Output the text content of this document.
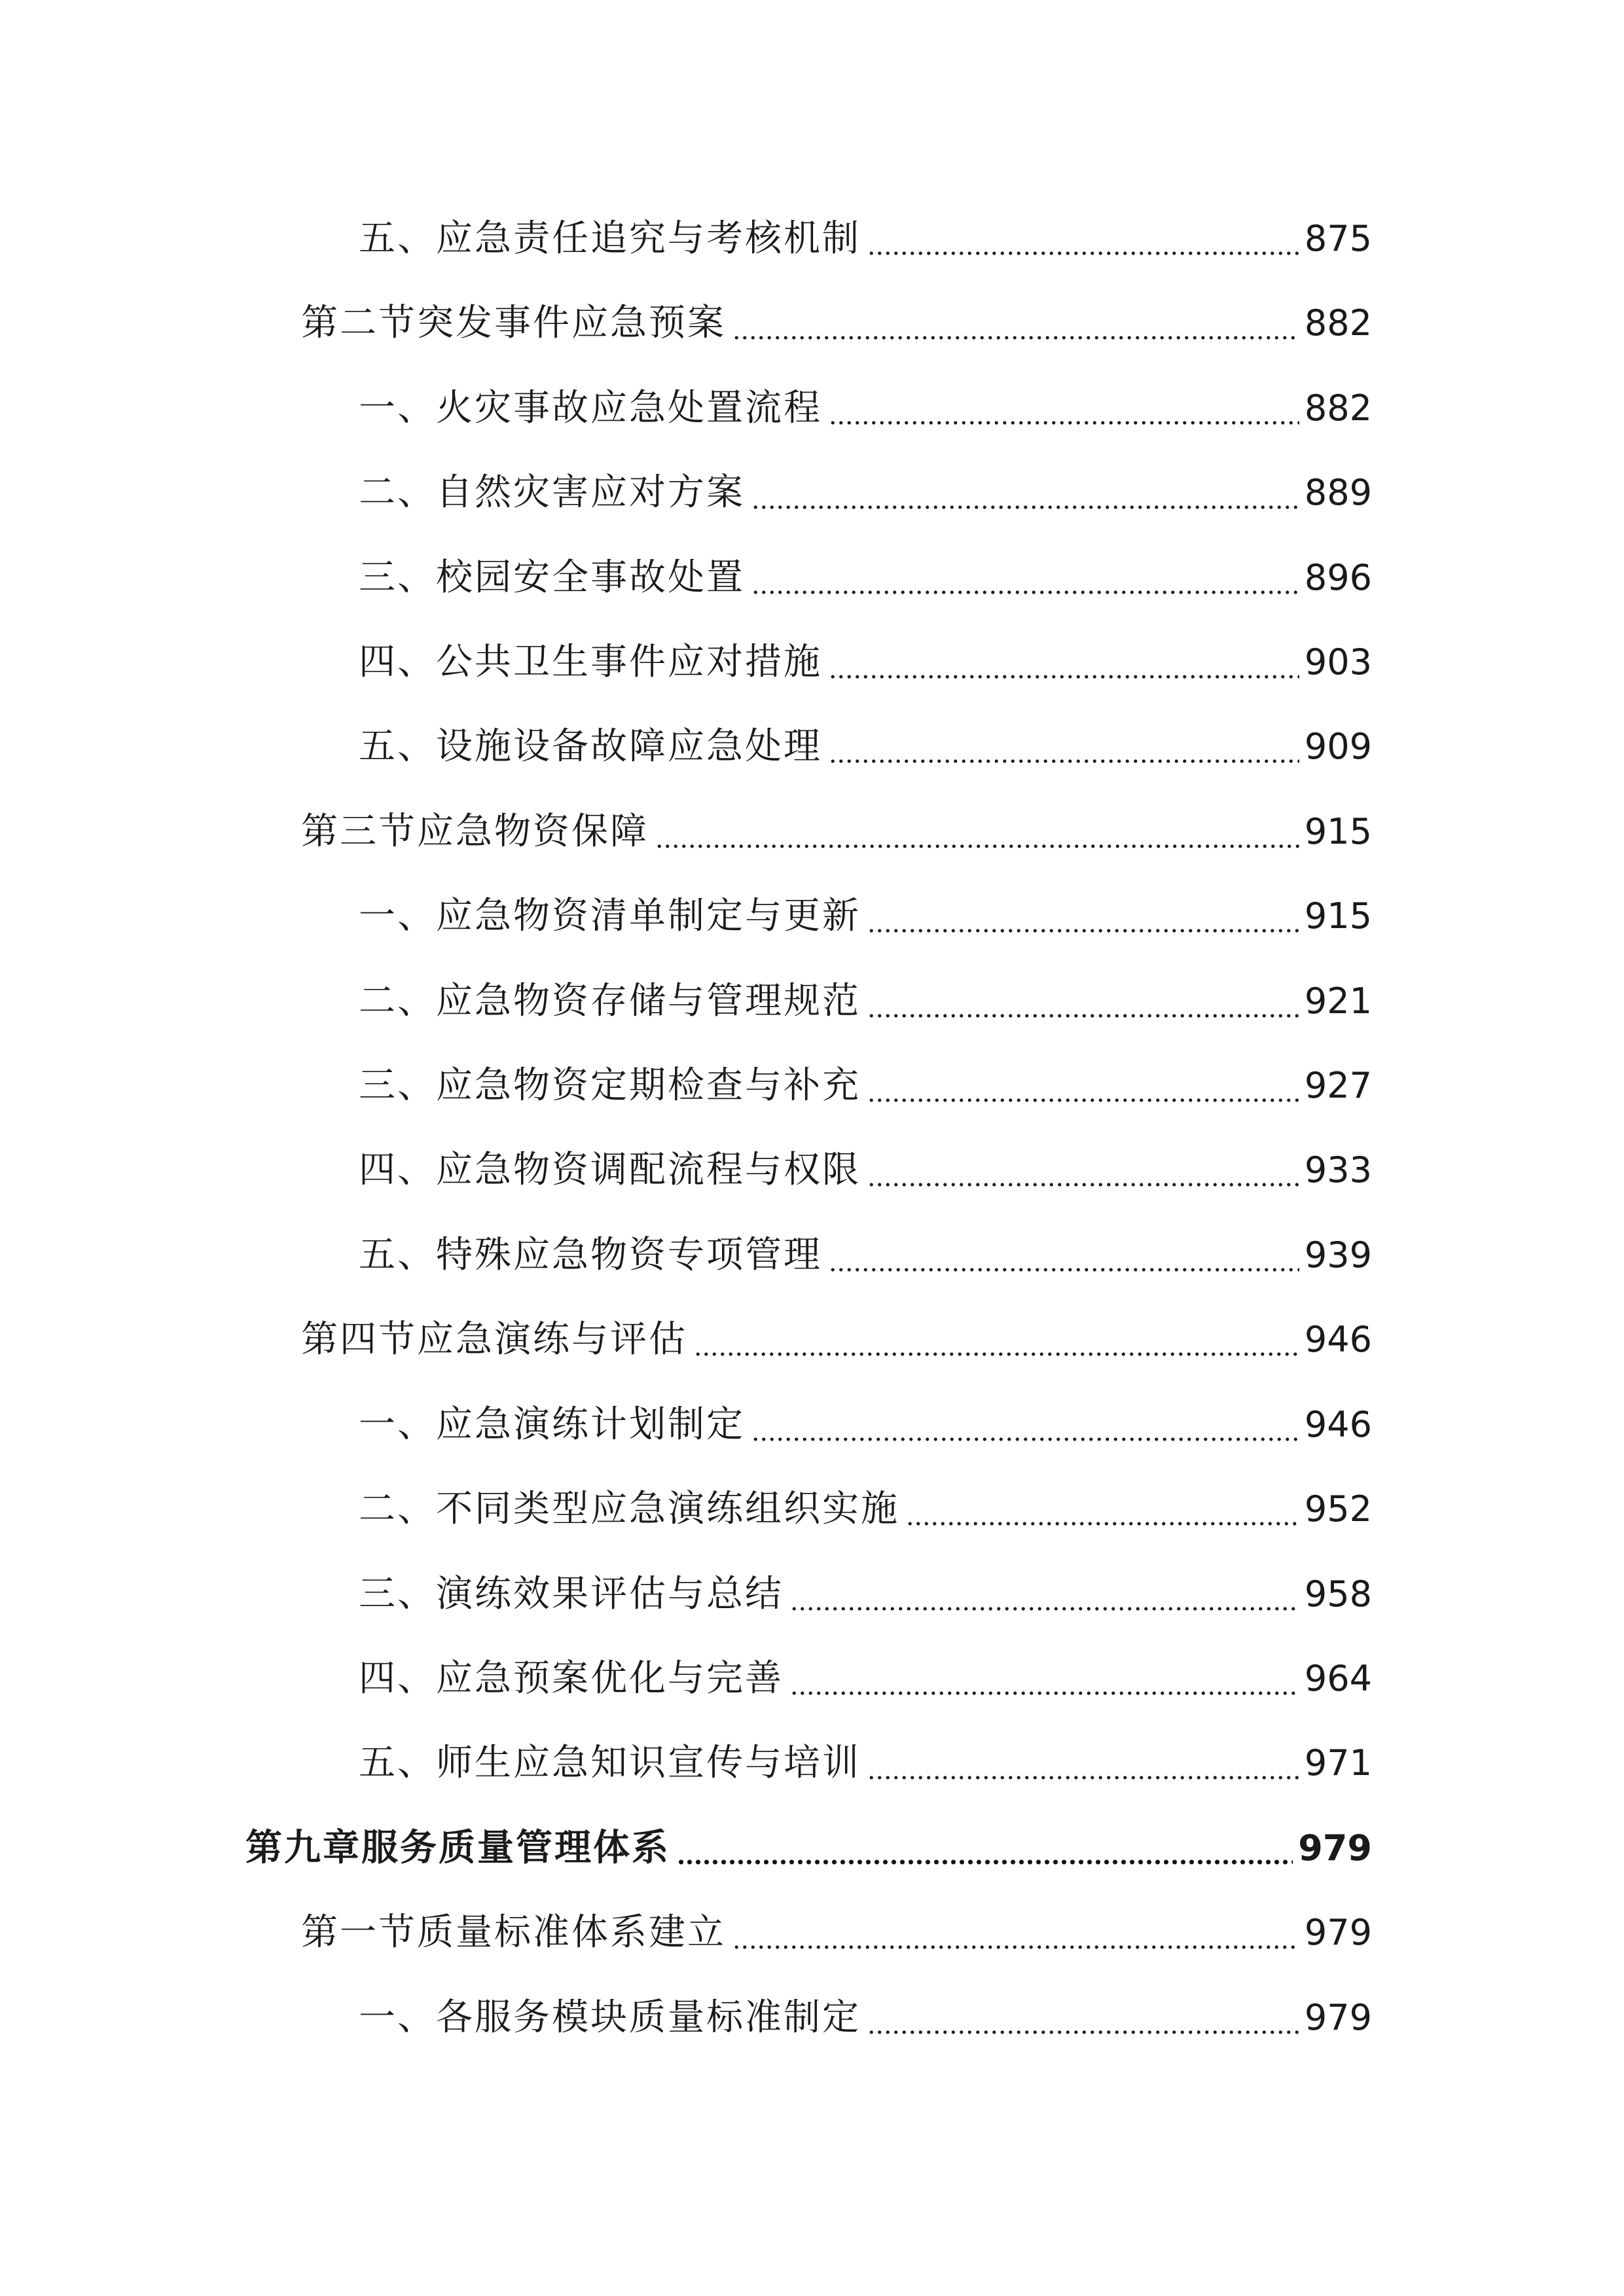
五、应急责任追究与考核机制	875
第二节突发事件应急预案	882
一、火灾事故应急处置流程	882
二、自然灾害应对方案	889
三、校园安全事故处置	896
四、公共卫生事件应对措施	903
五、设施设备故障应急处理	909
第三节应急物资保障	915
一、应急物资清单制定与更新	915
二、应急物资存储与管理规范	921
三、应急物资定期检查与补充	927
四、应急物资调配流程与权限	933
五、特殊应急物资专项管理	939
第四节应急演练与评估	946
一、应急演练计划制定	946
二、不同类型应急演练组织实施	952
三、演练效果评估与总结	958
四、应急预案优化与完善	964
五、师生应急知识宣传与培训	971
第九章服务质量管理体系	979
第一节质量标准体系建立	979
一、各服务模块质量标准制定	979
